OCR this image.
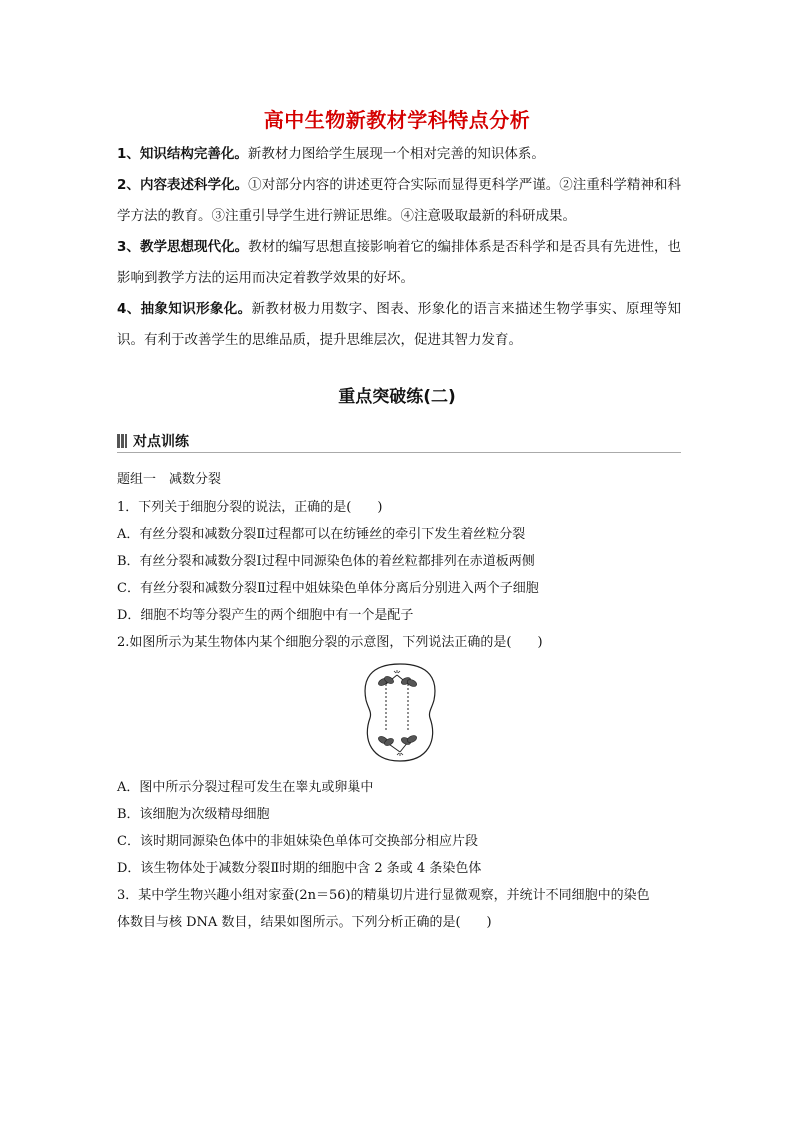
高中生物新教材学科特点分析
1、知识结构完善化。新教材力图给学生展现一个相对完善的知识体系。
2、内容表述科学化。①对部分内容的讲述更符合实际而显得更科学严谨。②注重科学精神和科学方法的教育。③注重引导学生进行辨证思维。④注意吸取最新的科研成果。
3、教学思想现代化。教材的编写思想直接影响着它的编排体系是否科学和是否具有先进性，也影响到教学方法的运用而决定着教学效果的好坏。
4、抽象知识形象化。新教材极力用数字、图表、形象化的语言来描述生物学事实、原理等知识。有利于改善学生的思维品质，提升思维层次，促进其智力发育。
重点突破练(二)
对点训练
题组一　减数分裂
1．下列关于细胞分裂的说法，正确的是(　　)
A．有丝分裂和减数分裂Ⅱ过程都可以在纺锤丝的牵引下发生着丝粒分裂
B．有丝分裂和减数分裂Ⅰ过程中同源染色体的着丝粒都排列在赤道板两侧
C．有丝分裂和减数分裂Ⅱ过程中姐妹染色单体分离后分别进入两个子细胞
D．细胞不均等分裂产生的两个细胞中有一个是配子
2.如图所示为某生物体内某个细胞分裂的示意图，下列说法正确的是(　　)
A．图中所示分裂过程可发生在睾丸或卵巢中
B．该细胞为次级精母细胞
C．该时期同源染色体中的非姐妹染色单体可交换部分相应片段
D．该生物体处于减数分裂Ⅱ时期的细胞中含 2 条或 4 条染色体
3．某中学生物兴趣小组对家蚕(2n＝56)的精巢切片进行显微观察，并统计不同细胞中的染色
体数目与核 DNA 数目，结果如图所示。下列分析正确的是(　　)
